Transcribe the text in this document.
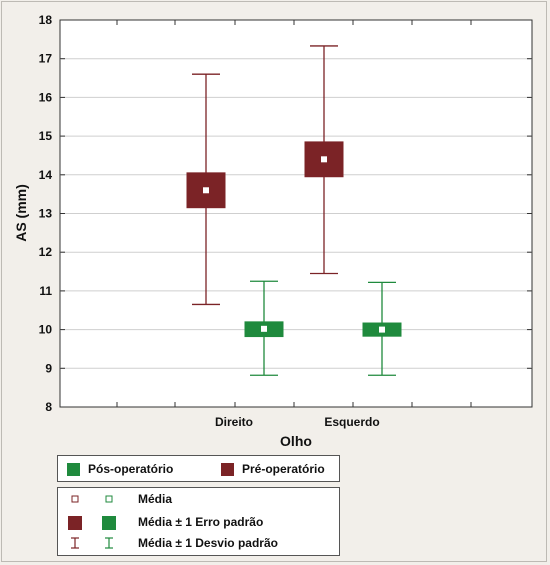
8
9
10
11
12
13
14
15
16
17
18
Direito	Esquerdo
AS (mm)
Olho
Pós-operatório	Pré-operatório
Média
Média ± 1 Erro padrão
Média ± 1 Desvio padrão
